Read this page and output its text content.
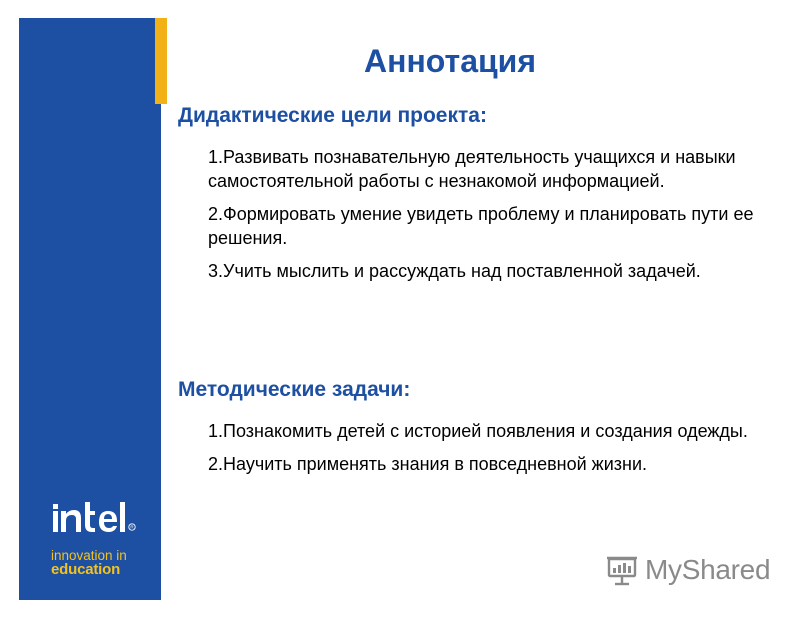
R
innovation in
education
Аннотация
Дидактические цели проекта:
1.Развивать познавательную деятельность учащихся и навыки самостоятельной работы с незнакомой информацией.
2.Формировать умение увидеть проблему и планировать пути ее решения.
3.Учить мыслить и рассуждать над поставленной задачей.
Методические задачи:
1.Познакомить детей с историей появления и создания одежды.
2.Научить применять знания в повседневной жизни.
MyShared
